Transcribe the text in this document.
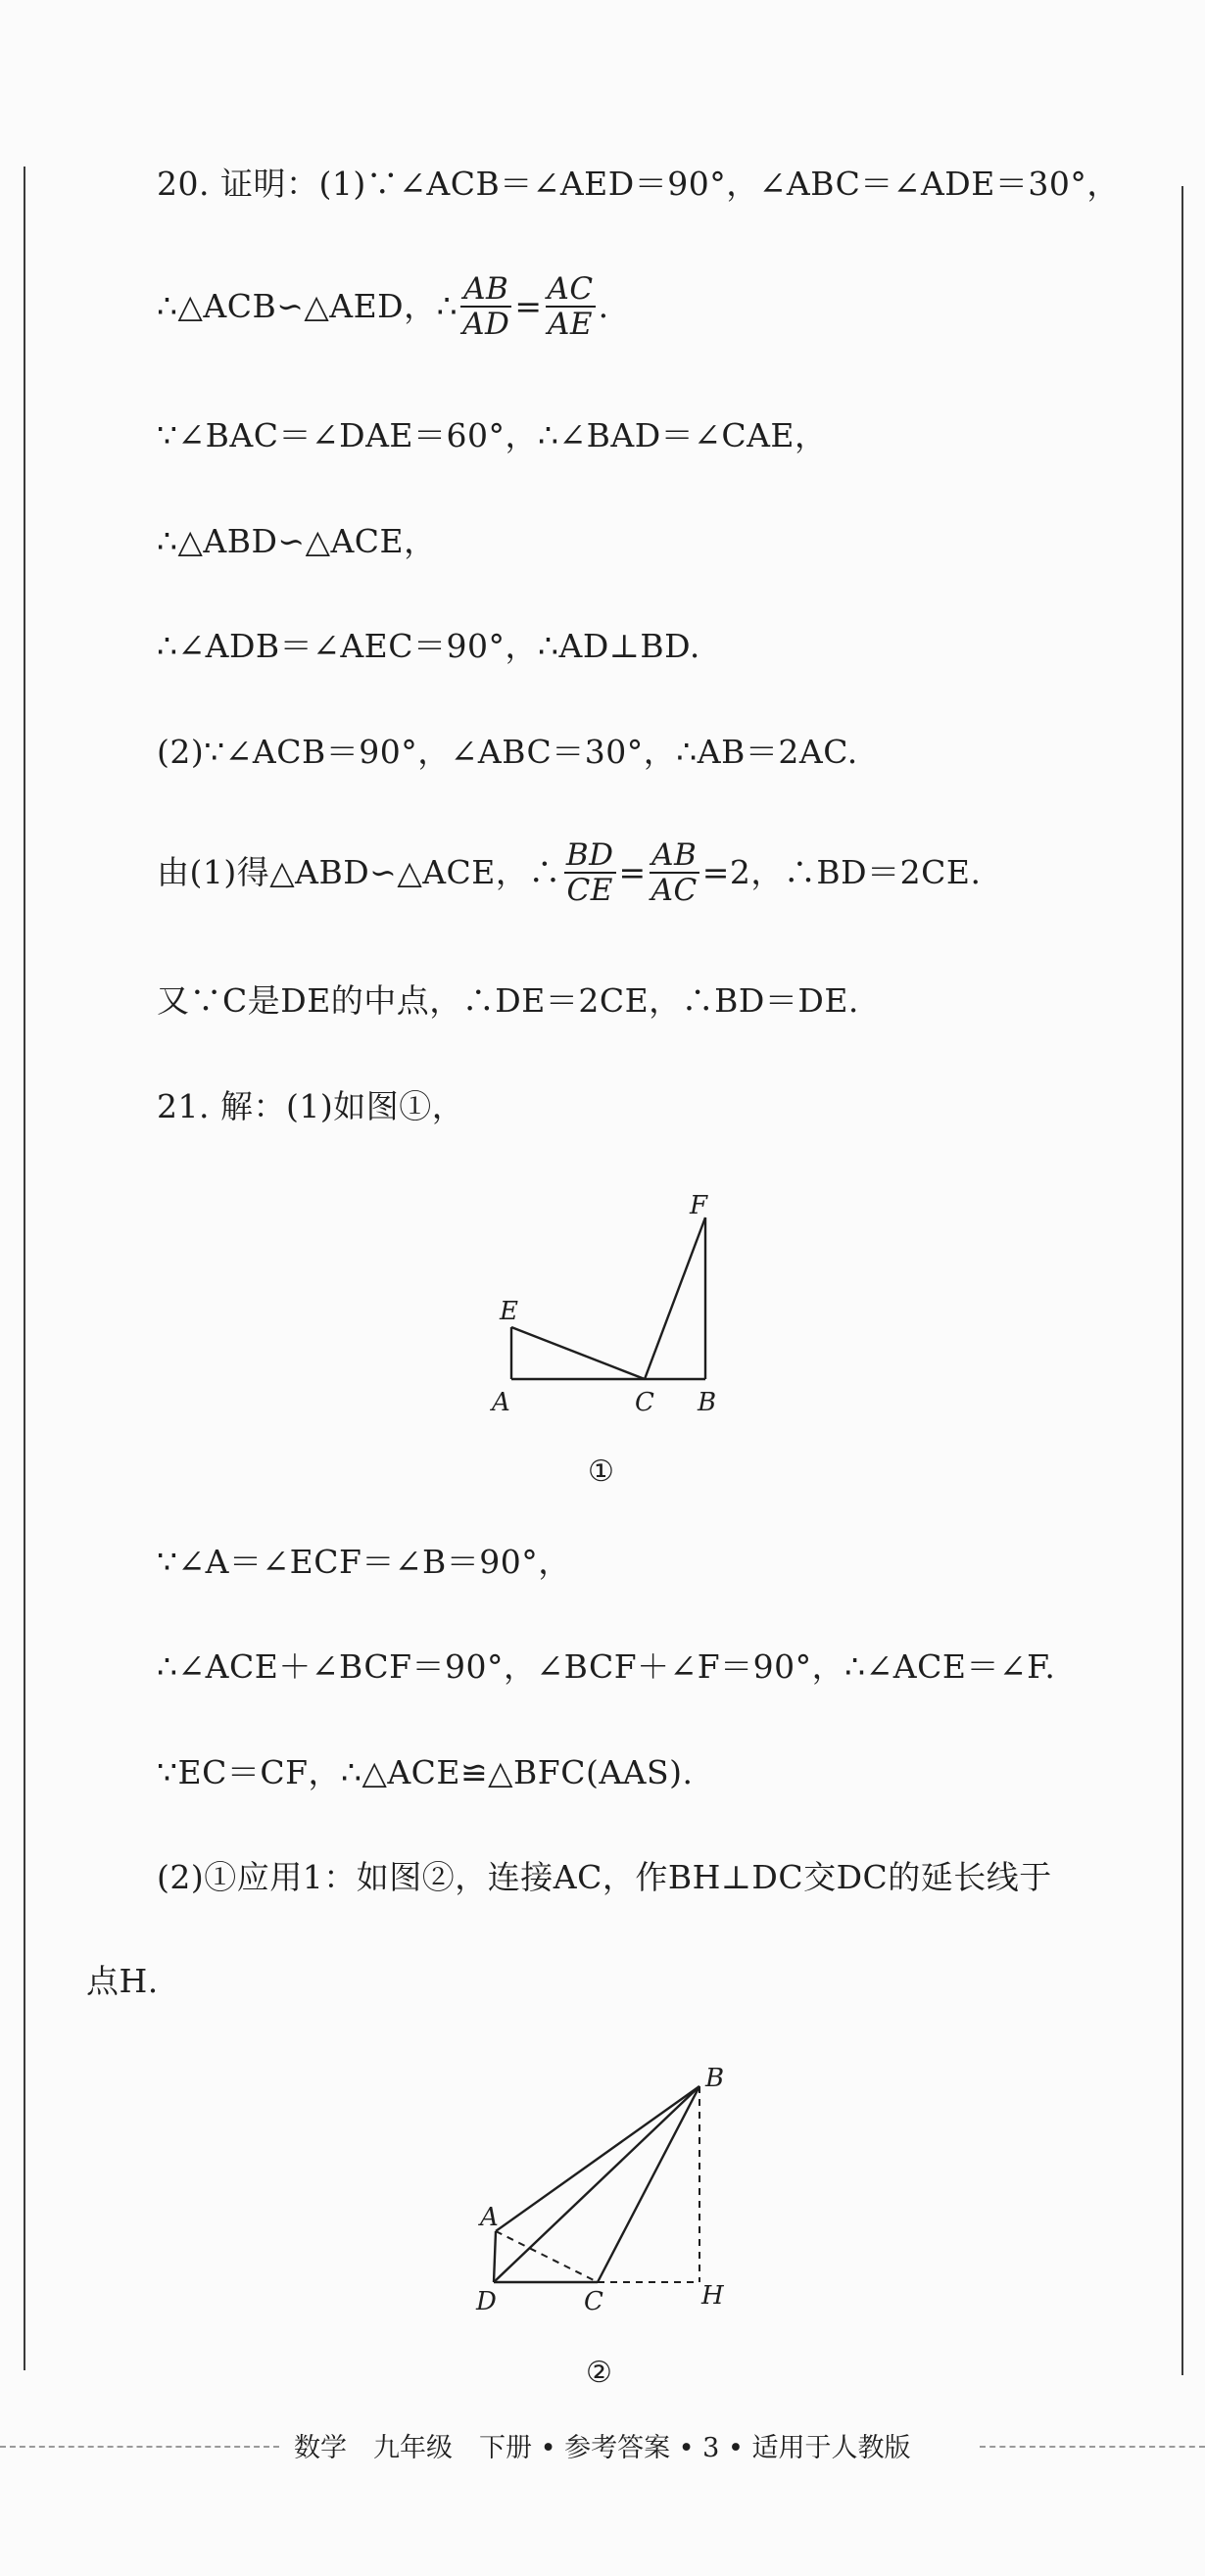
20. 证明：(1)∵∠ACB＝∠AED＝90°，∠ABC＝∠ADE＝30°，
∴△ACB∽△AED，∴ $\frac{AB}{AD} = \frac{AC}{AE}$ .
∵∠BAC＝∠DAE＝60°，∴∠BAD＝∠CAE，
∴△ABD∽△ACE，
∴∠ADB＝∠AEC＝90°，∴AD⊥BD.
(2)∵∠ACB＝90°，∠ABC＝30°，∴AB＝2AC.
由(1)得△ABD∽△ACE，∴ $\frac{BD}{CE} = \frac{AB}{AC} =2$，∴BD＝2CE.
又∵C是DE的中点，∴DE＝2CE，∴BD＝DE.
21. 解：(1)如图①，
A	C B
E
F
①
∵∠A＝∠ECF＝∠B＝90°，
∴∠ACE＋∠BCF＝90°，∠BCF＋∠F＝90°，∴∠ACE＝∠F.
∵EC＝CF，∴△ACE≌△BFC(AAS).
(2)①应用1：如图②，连接AC，作BH⊥DC交DC的延长线于
点H.
A
B
C
D	H
②
数学　九年级　下册 • 参考答案 • 3 • 适用于人教版
